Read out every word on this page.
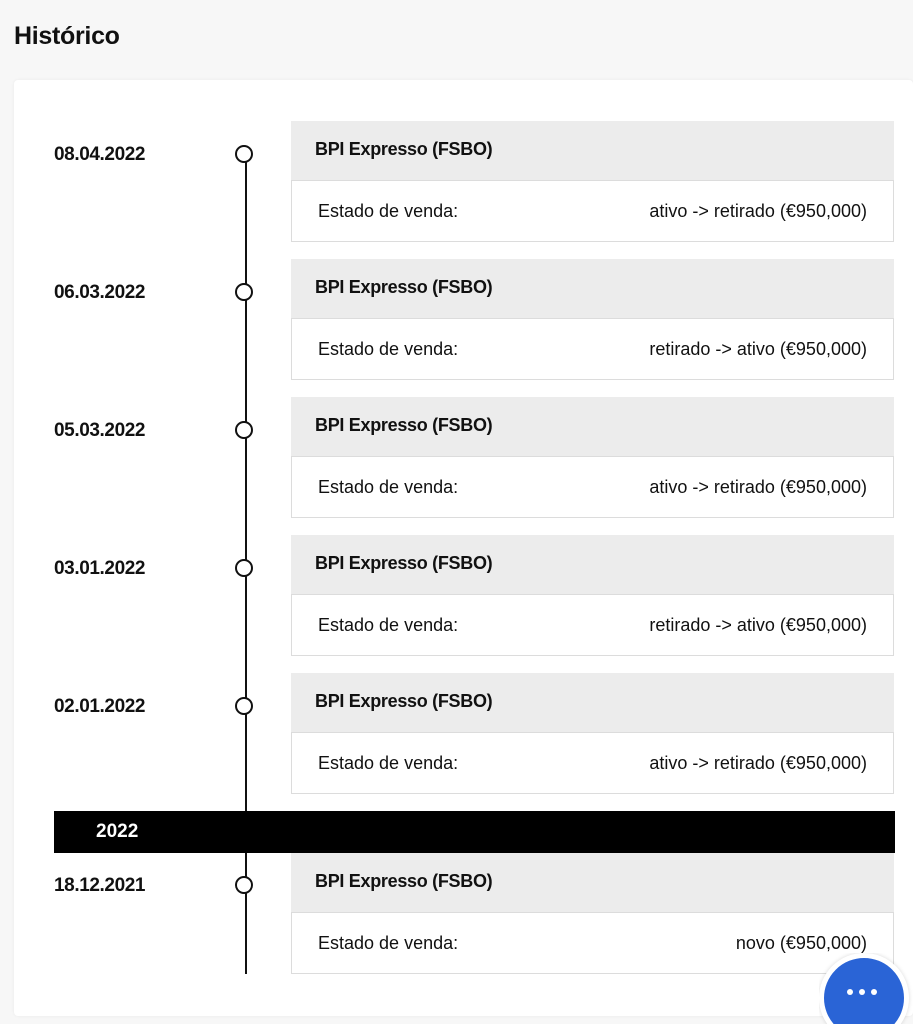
Histórico
08.04.2022	BPI Expresso (FSBO)
Estado de venda:	ativo -> retirado (€950,000)
06.03.2022	BPI Expresso (FSBO)
Estado de venda:	retirado -> ativo (€950,000)
05.03.2022	BPI Expresso (FSBO)
Estado de venda:	ativo -> retirado (€950,000)
03.01.2022	BPI Expresso (FSBO)
Estado de venda:	retirado -> ativo (€950,000)
02.01.2022	BPI Expresso (FSBO)
Estado de venda:	ativo -> retirado (€950,000)
2022
18.12.2021	BPI Expresso (FSBO)
Estado de venda:	novo (€950,000)
